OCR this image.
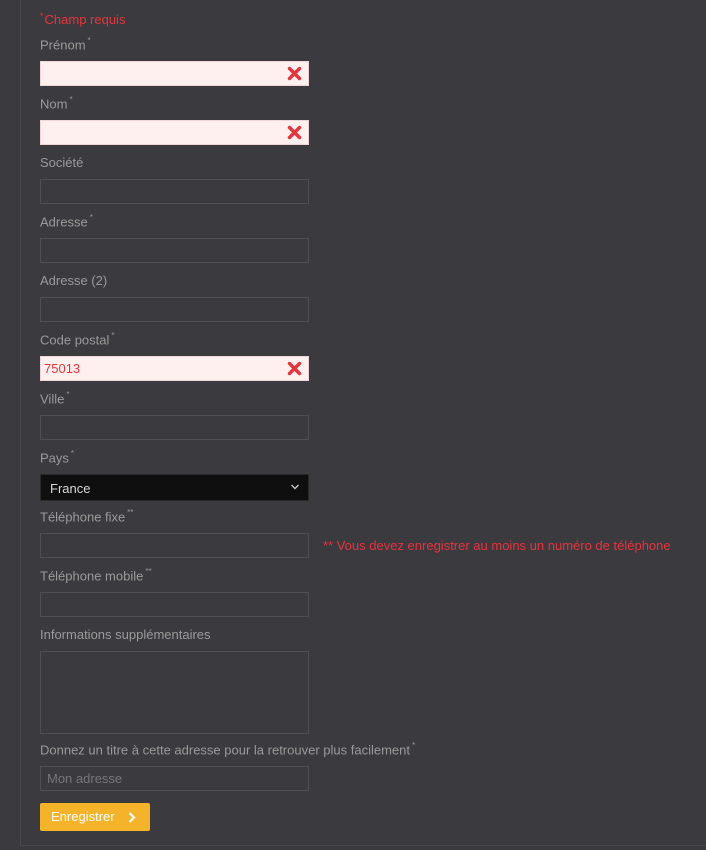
*Champ requis
Prénom *
Nom *
Société
Adresse *
Adresse (2)
Code postal *
75013
Ville *
Pays *
France
Téléphone fixe **
** Vous devez enregistrer au moins un numéro de téléphone
Téléphone mobile **
Informations supplémentaires
Donnez un titre à cette adresse pour la retrouver plus facilement *
Mon adresse
Enregistrer
